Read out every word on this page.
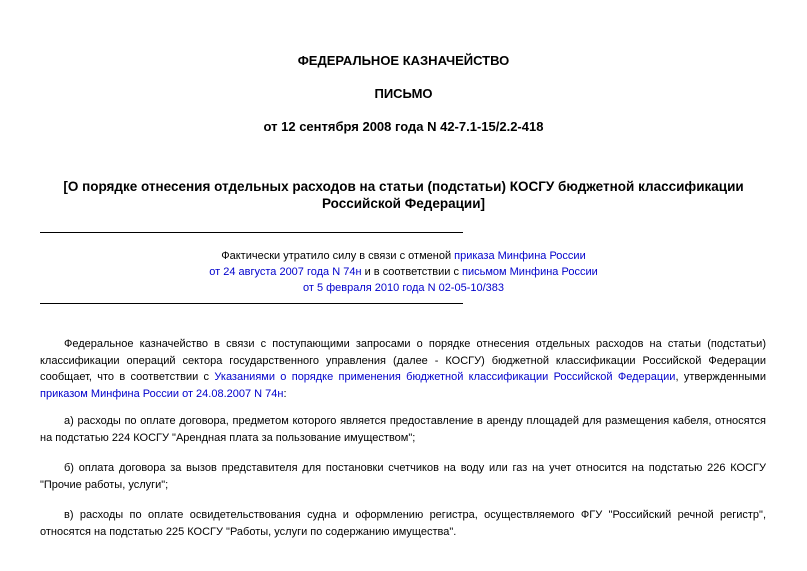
ФЕДЕРАЛЬНОЕ КАЗНАЧЕЙСТВО
ПИСЬМО
от 12 сентября 2008 года N 42-7.1-15/2.2-418
[О порядке отнесения отдельных расходов на статьи (подстатьи) КОСГУ бюджетной классификации
Российской Федерации]
Фактически утратило силу в связи с отменой приказа Минфина России
от 24 августа 2007 года N 74н и в соответствии с письмом Минфина России
от 5 февраля 2010 года N 02-05-10/383

Федеральное казначейство в связи с поступающими запросами о порядке отнесения отдельных расходов на статьи (подстатьи) классификации операций сектора государственного управления (далее - КОСГУ) бюджетной классификации Российской Федерации сообщает, что в соответствии с Указаниями о порядке применения бюджетной классификации Российской Федерации, утвержденными приказом Минфина России от 24.08.2007 N 74н:

а) расходы по оплате договора, предметом которого является предоставление в аренду площадей для размещения кабеля, относятся на подстатью 224 КОСГУ "Арендная плата за пользование имуществом";

б) оплата договора за вызов представителя для постановки счетчиков на воду или газ на учет относится на подстатью 226 КОСГУ "Прочие работы, услуги";

в) расходы по оплате освидетельствования судна и оформлению регистра, осуществляемого ФГУ "Российский речной регистр", относятся на подстатью 225 КОСГУ "Работы, услуги по содержанию имущества".
